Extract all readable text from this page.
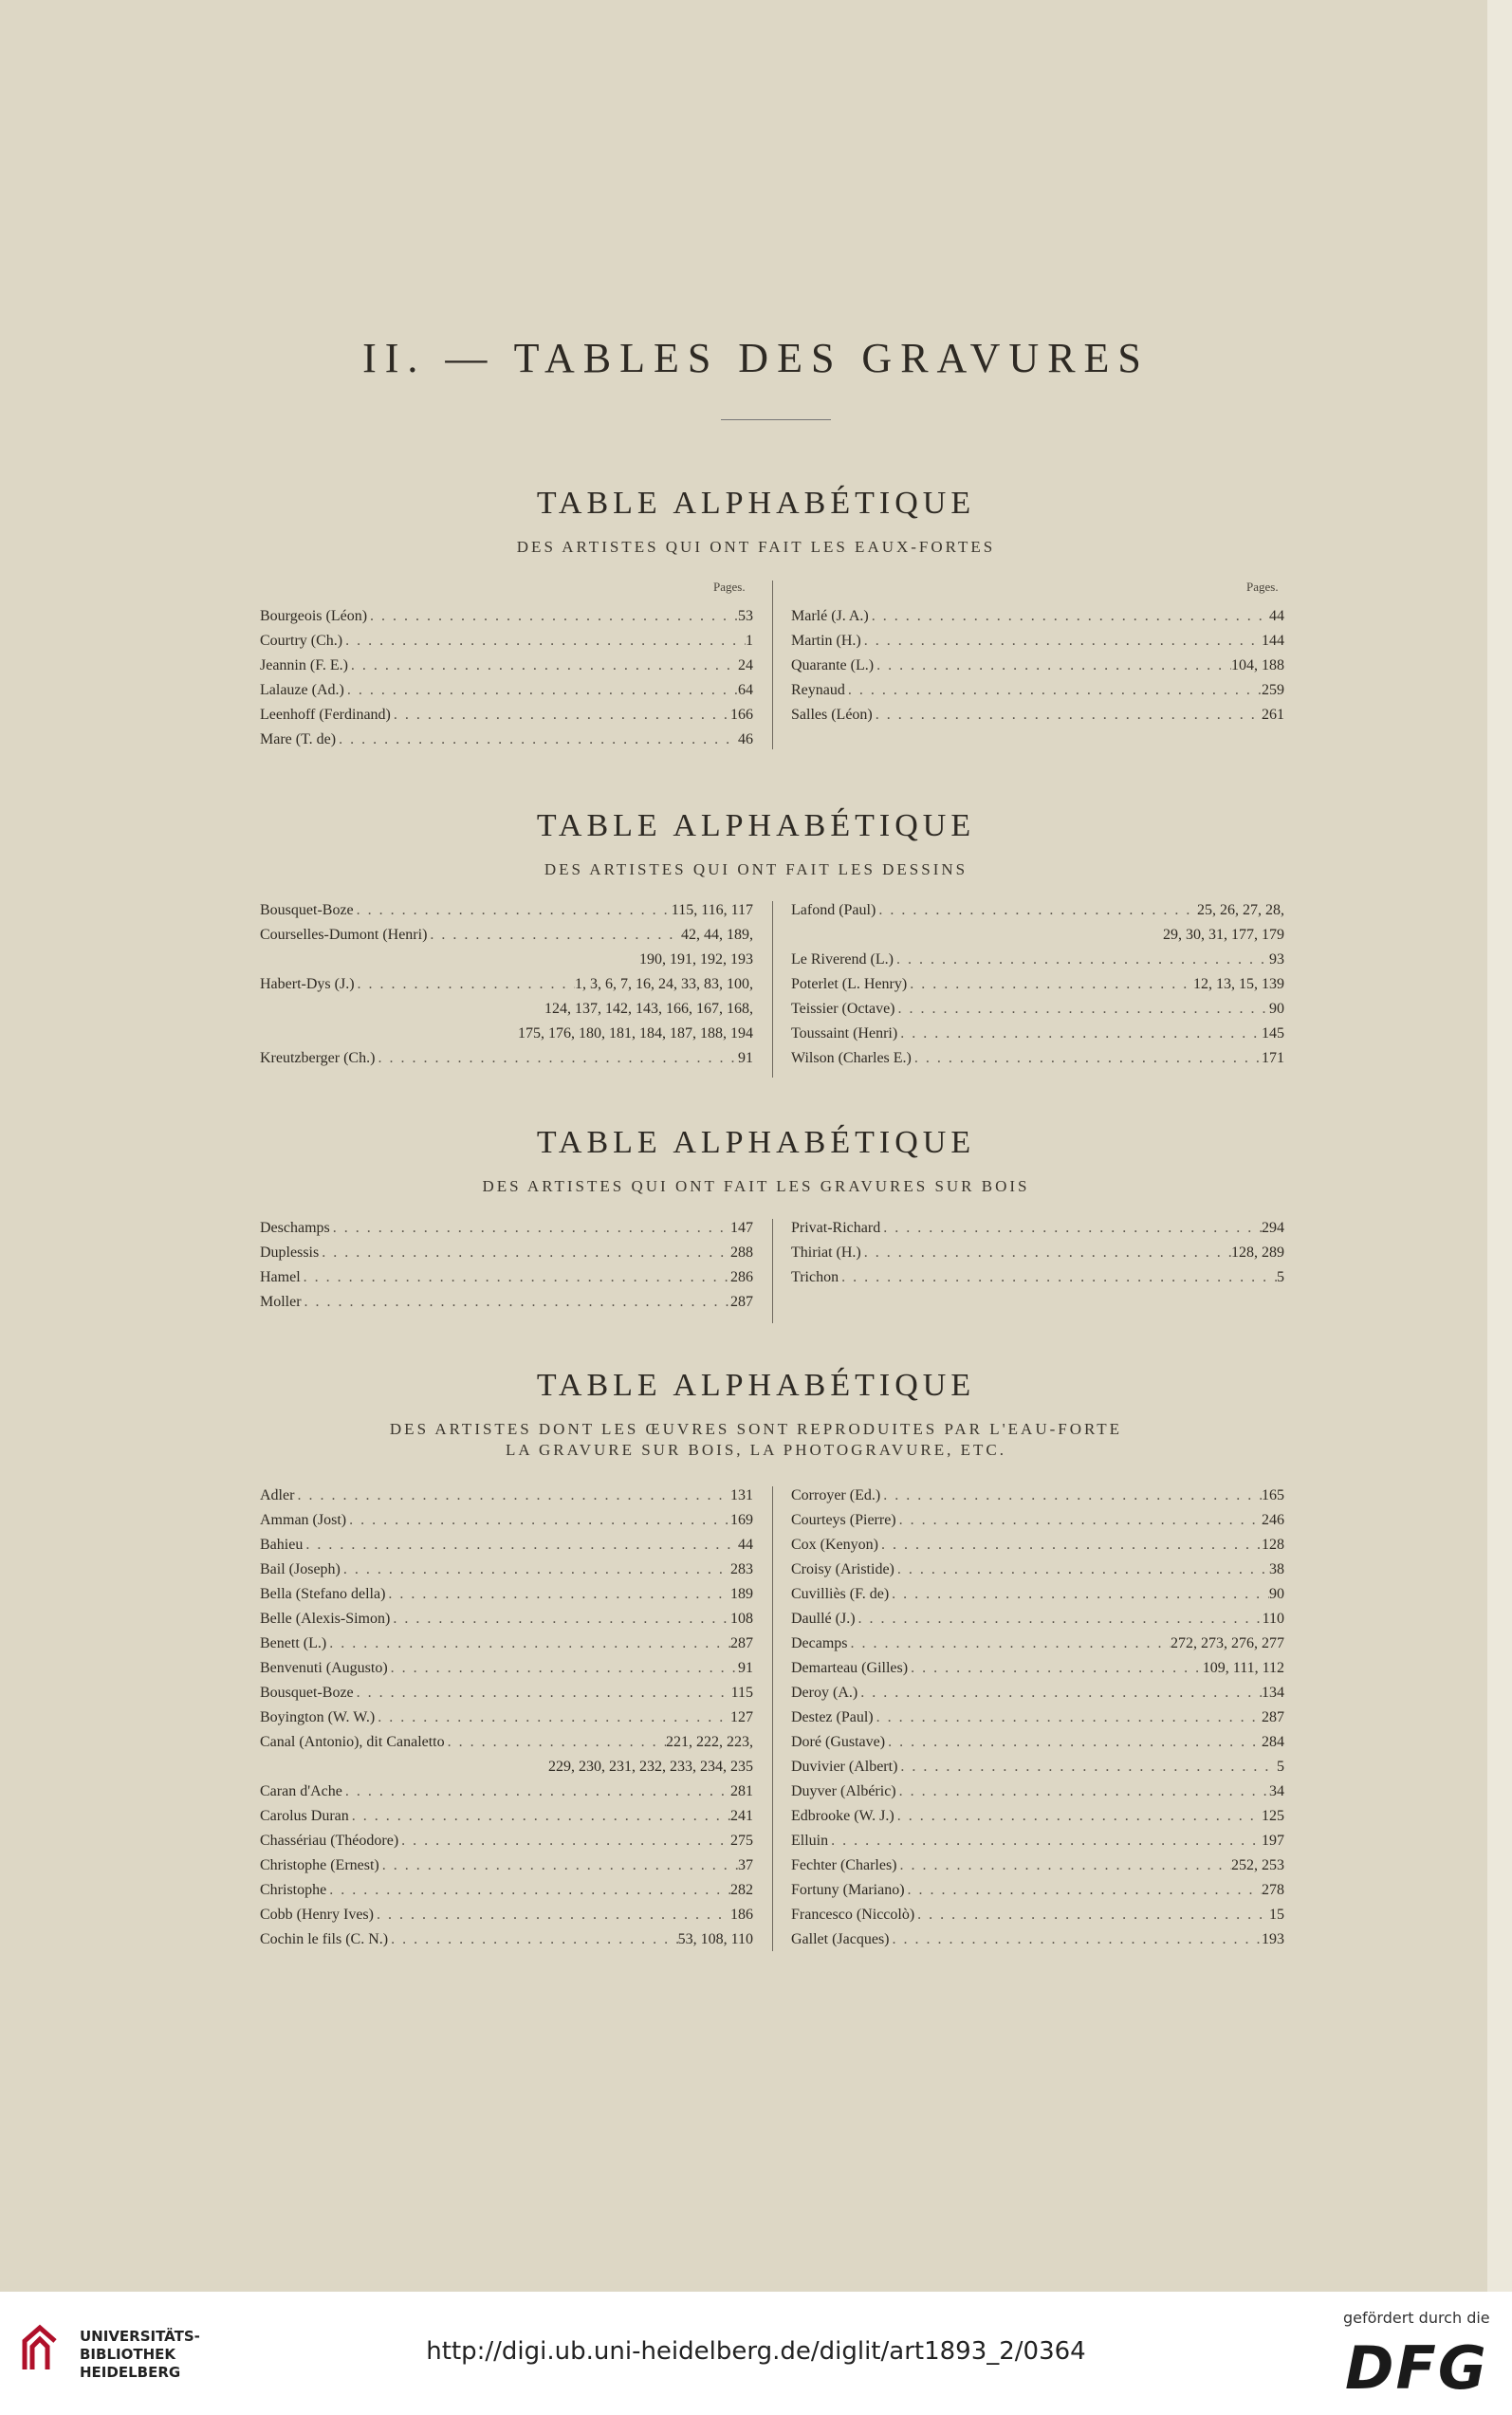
II. — TABLES DES GRAVURES
TABLE ALPHABÉTIQUE
DES ARTISTES QUI ONT FAIT LES EAUX-FORTES
Pages.	Pages.
Bourgeois (Léon) . . .	53
Courtry (Ch.) . . .	1
Jeannin (F. E.) . . .	24
Lalauze (Ad.) . . .	64
Leenhoff (Ferdinand) . . .	166
Mare (T. de) . . .	46
Marlé (J. A.) . . .	44
Martin (H.) . . .	144
Quarante (L.) . . .	104, 188
Reynaud . . .	259
Salles (Léon) . . .	261
TABLE ALPHABÉTIQUE
DES ARTISTES QUI ONT FAIT LES DESSINS
Bousquet-Boze . . .	115, 116, 117
Courselles-Dumont (Henri) . . .	42, 44, 189,
190, 191, 192, 193
Habert-Dys (J.) . . .	1, 3, 6, 7, 16, 24, 33, 83, 100,
124, 137, 142, 143, 166, 167, 168,
175, 176, 180, 181, 184, 187, 188, 194
Kreutzberger (Ch.) . . .	91
Lafond (Paul) . . .	25, 26, 27, 28,
29, 30, 31, 177, 179
Le Riverend (L.) . . .	93
Poterlet (L. Henry) . . .	12, 13, 15, 139
Teissier (Octave) . . .	90
Toussaint (Henri) . . .	145
Wilson (Charles E.) . . .	171
TABLE ALPHABÉTIQUE
DES ARTISTES QUI ONT FAIT LES GRAVURES SUR BOIS
Deschamps . . .	147
Duplessis . . .	288
Hamel . . .	286
Moller . . .	287
Privat-Richard . . .	294
Thiriat (H.) . . .	128, 289
Trichon . . .	5
TABLE ALPHABÉTIQUE
DES ARTISTES DONT LES ŒUVRES SONT REPRODUITES PAR L'EAU-FORTE
LA GRAVURE SUR BOIS, LA PHOTOGRAVURE, ETC.
Adler . . .	131
Amman (Jost) . . .	169
Bahieu . . .	44
Bail (Joseph) . . .	283
Bella (Stefano della) . . .	189
Belle (Alexis-Simon) . . .	108
Benett (L.) . . .	287
Benvenuti (Augusto) . . .	91
Bousquet-Boze . . .	115
Boyington (W. W.) . . .	127
Canal (Antonio), dit Canaletto . . .	221, 222, 223,
229, 230, 231, 232, 233, 234, 235
Caran d'Ache . . .	281
Carolus Duran . . .	241
Chassériau (Théodore) . . .	275
Christophe (Ernest) . . .	37
Christophe . . .	282
Cobb (Henry Ives) . . .	186
Cochin le fils (C. N.) . . .	53, 108, 110
Corroyer (Ed.) . . .	165
Courteys (Pierre) . . .	246
Cox (Kenyon) . . .	128
Croisy (Aristide) . . .	38
Cuvilliès (F. de) . . .	90
Daullé (J.) . . .	110
Decamps . . .	272, 273, 276, 277
Demarteau (Gilles) . . .	109, 111, 112
Deroy (A.) . . .	134
Destez (Paul) . . .	287
Doré (Gustave) . . .	284
Duvivier (Albert) . . .	5
Duyver (Albéric) . . .	34
Edbrooke (W. J.) . . .	125
Elluin . . .	197
Fechter (Charles) . . .	252, 253
Fortuny (Mariano) . . .	278
Francesco (Niccolò) . . .	15
Gallet (Jacques) . . .	193
UNIVERSITÄTS-
BIBLIOTHEK
HEIDELBERG
http://digi.ub.uni-heidelberg.de/diglit/art1893_2/0364
gefördert durch die
DFG
